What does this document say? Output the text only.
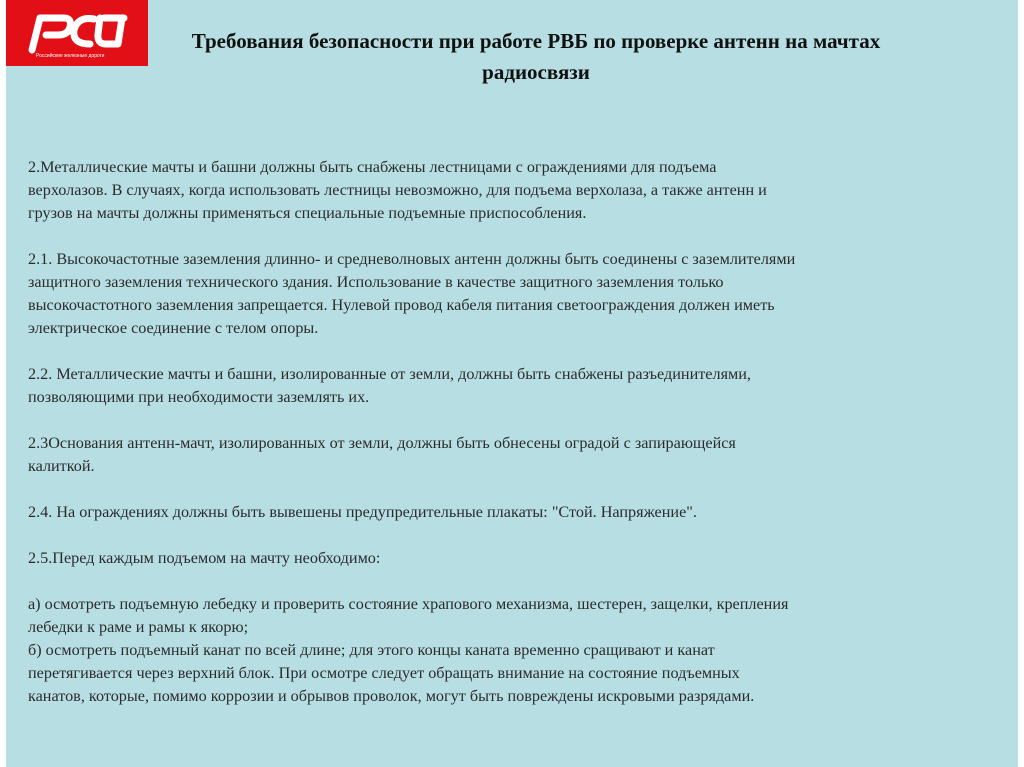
Российские железные дороги
Требования безопасности при работе РВБ по проверке антенн на мачтах радиосвязи

2.Металлические мачты и башни должны быть снабжены лестницами с ограждениями для подъема
верхолазов. В случаях, когда использовать лестницы невозможно, для подъема верхолаза, а также антенн и
грузов на мачты должны применяться специальные подъемные приспособления.

2.1. Высокочастотные заземления длинно- и средневолновых антенн должны быть соединены с заземлителями
защитного заземления технического здания. Использование в качестве защитного заземления только
высокочастотного заземления запрещается. Нулевой провод кабеля питания светоограждения должен иметь
электрическое соединение с телом опоры.

2.2. Металлические мачты и башни, изолированные от земли, должны быть снабжены разъединителями,
позволяющими при необходимости заземлять их.

2.3Основания антенн-мачт, изолированных от земли, должны быть обнесены оградой с запирающейся
калиткой.

2.4. На ограждениях должны быть вывешены предупредительные плакаты: "Стой. Напряжение".

2.5.Перед каждым подъемом на мачту необходимо:

а) осмотреть подъемную лебедку и проверить состояние храпового механизма, шестерен, защелки, крепления
лебедки к раме и рамы к якорю;
б) осмотреть подъемный канат по всей длине; для этого концы каната временно сращивают и канат
перетягивается через верхний блок. При осмотре следует обращать внимание на состояние подъемных
канатов, которые, помимо коррозии и обрывов проволок, могут быть повреждены искровыми разрядами.
